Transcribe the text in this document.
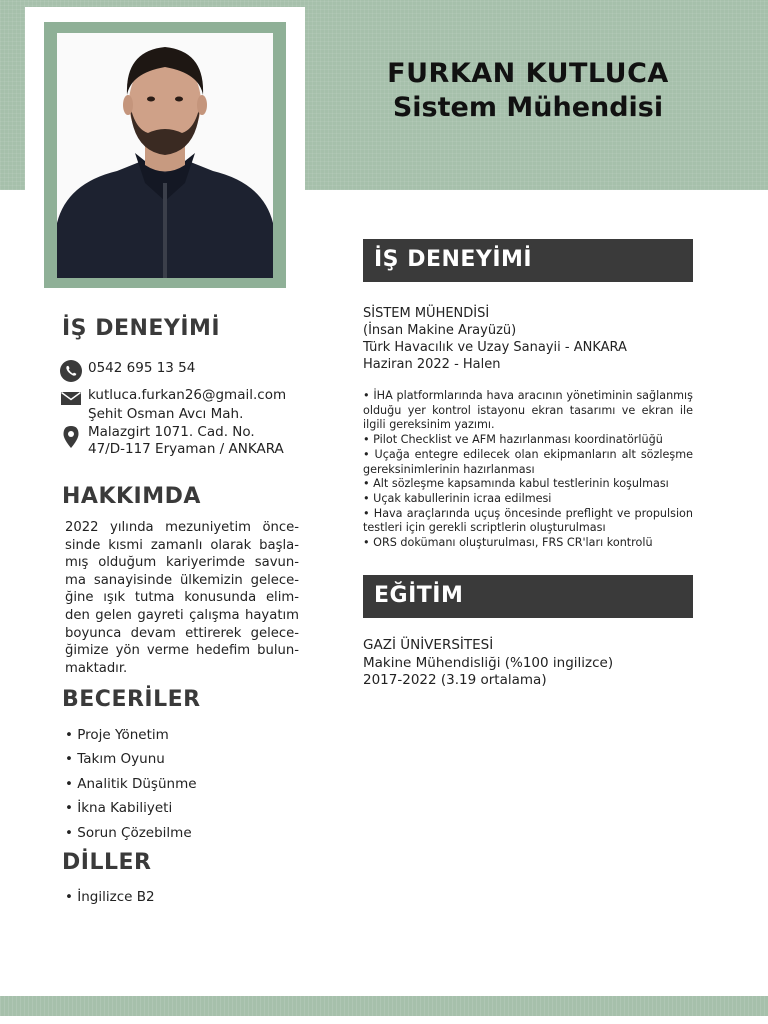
FURKAN KUTLUCA
Sistem Mühendisi
İŞ DENEYİMİ
0542 695 13 54
kutluca.furkan26@gmail.com
Şehit Osman Avcı Mah.
Malazgirt 1071. Cad. No.
47/D-117 Eryaman / ANKARA
HAKKIMDA
2022 yılında mezuniyetim önce-
sinde kısmi zamanlı olarak başla-
mış olduğum kariyerimde savun-
ma sanayisinde ülkemizin gelece-
ğine ışık tutma konusunda elim-
den gelen gayreti çalışma hayatım
boyunca devam ettirerek gelece-
ğimize yön verme hedefim bulun-
maktadır.
BECERİLER
• Proje Yönetim
• Takım Oyunu
• Analitik Düşünme
• İkna Kabiliyeti
• Sorun Çözebilme
DİLLER
• İngilizce B2
İŞ DENEYİMİ
SİSTEM MÜHENDİSİ
(İnsan Makine Arayüzü)
Türk Havacılık ve Uzay Sanayii - ANKARA
Haziran 2022 - Halen
• İHA platformlarında hava aracının yönetiminin sağlanmış olduğu yer kontrol istayonu ekran tasarımı ve ekran ile ilgili gereksinim yazımı.
• Pilot Checklist ve AFM hazırlanması koordinatörlüğü
• Uçağa entegre edilecek olan ekipmanların alt sözleşme gereksinimlerinin hazırlanması
• Alt sözleşme kapsamında kabul testlerinin koşulması
• Uçak kabullerinin icraa edilmesi
• Hava araçlarında uçuş öncesinde preflight ve propulsion testleri için gerekli scriptlerin oluşturulması
• ORS dokümanı oluşturulması, FRS CR'ları kontrolü
EĞİTİM
GAZİ ÜNİVERSİTESİ
Makine Mühendisliği (%100 ingilizce)
2017-2022 (3.19 ortalama)
